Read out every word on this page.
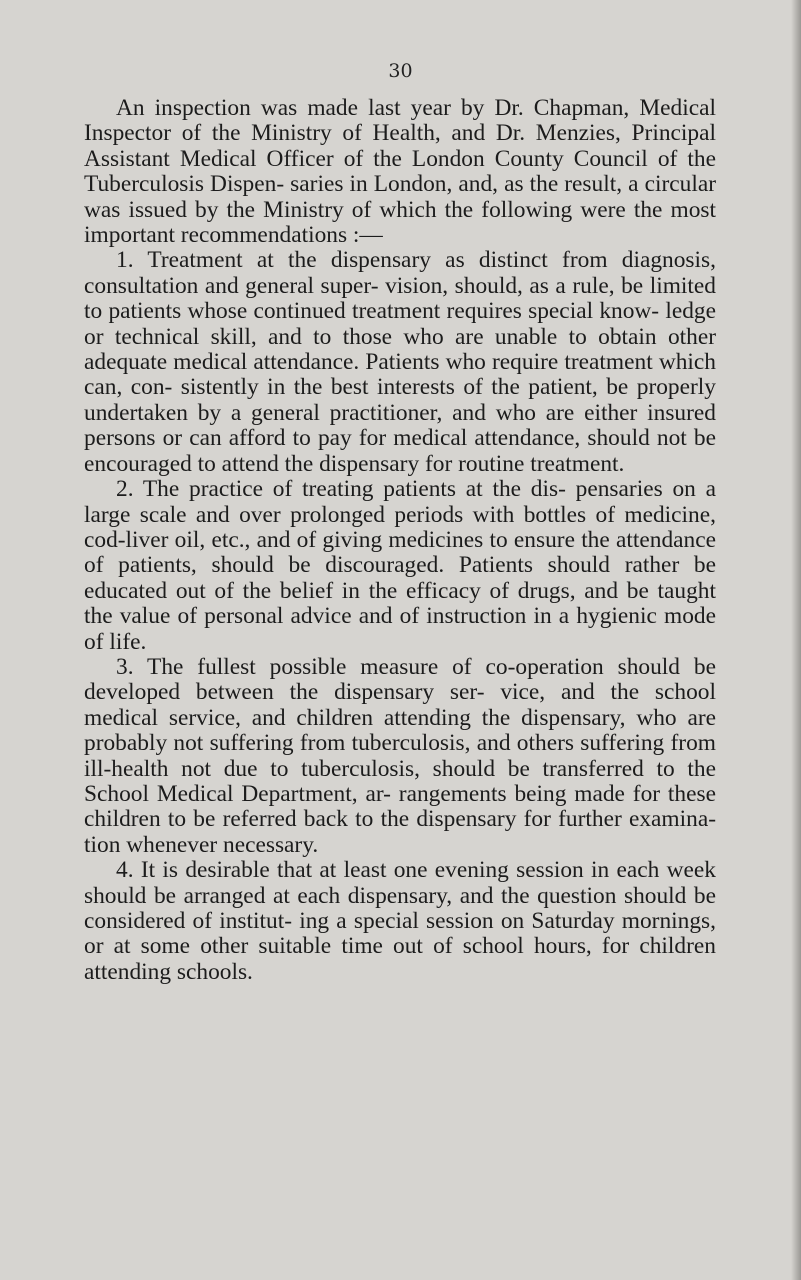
30

An inspection was made last year by Dr. Chapman, Medical Inspector of the Ministry of Health, and Dr. Menzies, Principal Assistant Medical Officer of the London County Council of the Tuberculosis Dispen- saries in London, and, as the result, a circular was issued by the Ministry of which the following were the most important recommendations :—

1. Treatment at the dispensary as distinct from diagnosis, consultation and general super- vision, should, as a rule, be limited to patients whose continued treatment requires special know- ledge or technical skill, and to those who are unable to obtain other adequate medical attendance. Patients who require treatment which can, con- sistently in the best interests of the patient, be properly undertaken by a general practitioner, and who are either insured persons or can afford to pay for medical attendance, should not be encouraged to attend the dispensary for routine treatment.

2. The practice of treating patients at the dis- pensaries on a large scale and over prolonged periods with bottles of medicine, cod-liver oil, etc., and of giving medicines to ensure the attendance of patients, should be discouraged. Patients should rather be educated out of the belief in the efficacy of drugs, and be taught the value of personal advice and of instruction in a hygienic mode of life.

3. The fullest possible measure of co-operation should be developed between the dispensary ser- vice, and the school medical service, and children attending the dispensary, who are probably not suffering from tuberculosis, and others suffering from ill-health not due to tuberculosis, should be transferred to the School Medical Department, ar- rangements being made for these children to be referred back to the dispensary for further examina- tion whenever necessary.

4. It is desirable that at least one evening session in each week should be arranged at each dispensary, and the question should be considered of institut- ing a special session on Saturday mornings, or at some other suitable time out of school hours, for children attending schools.
